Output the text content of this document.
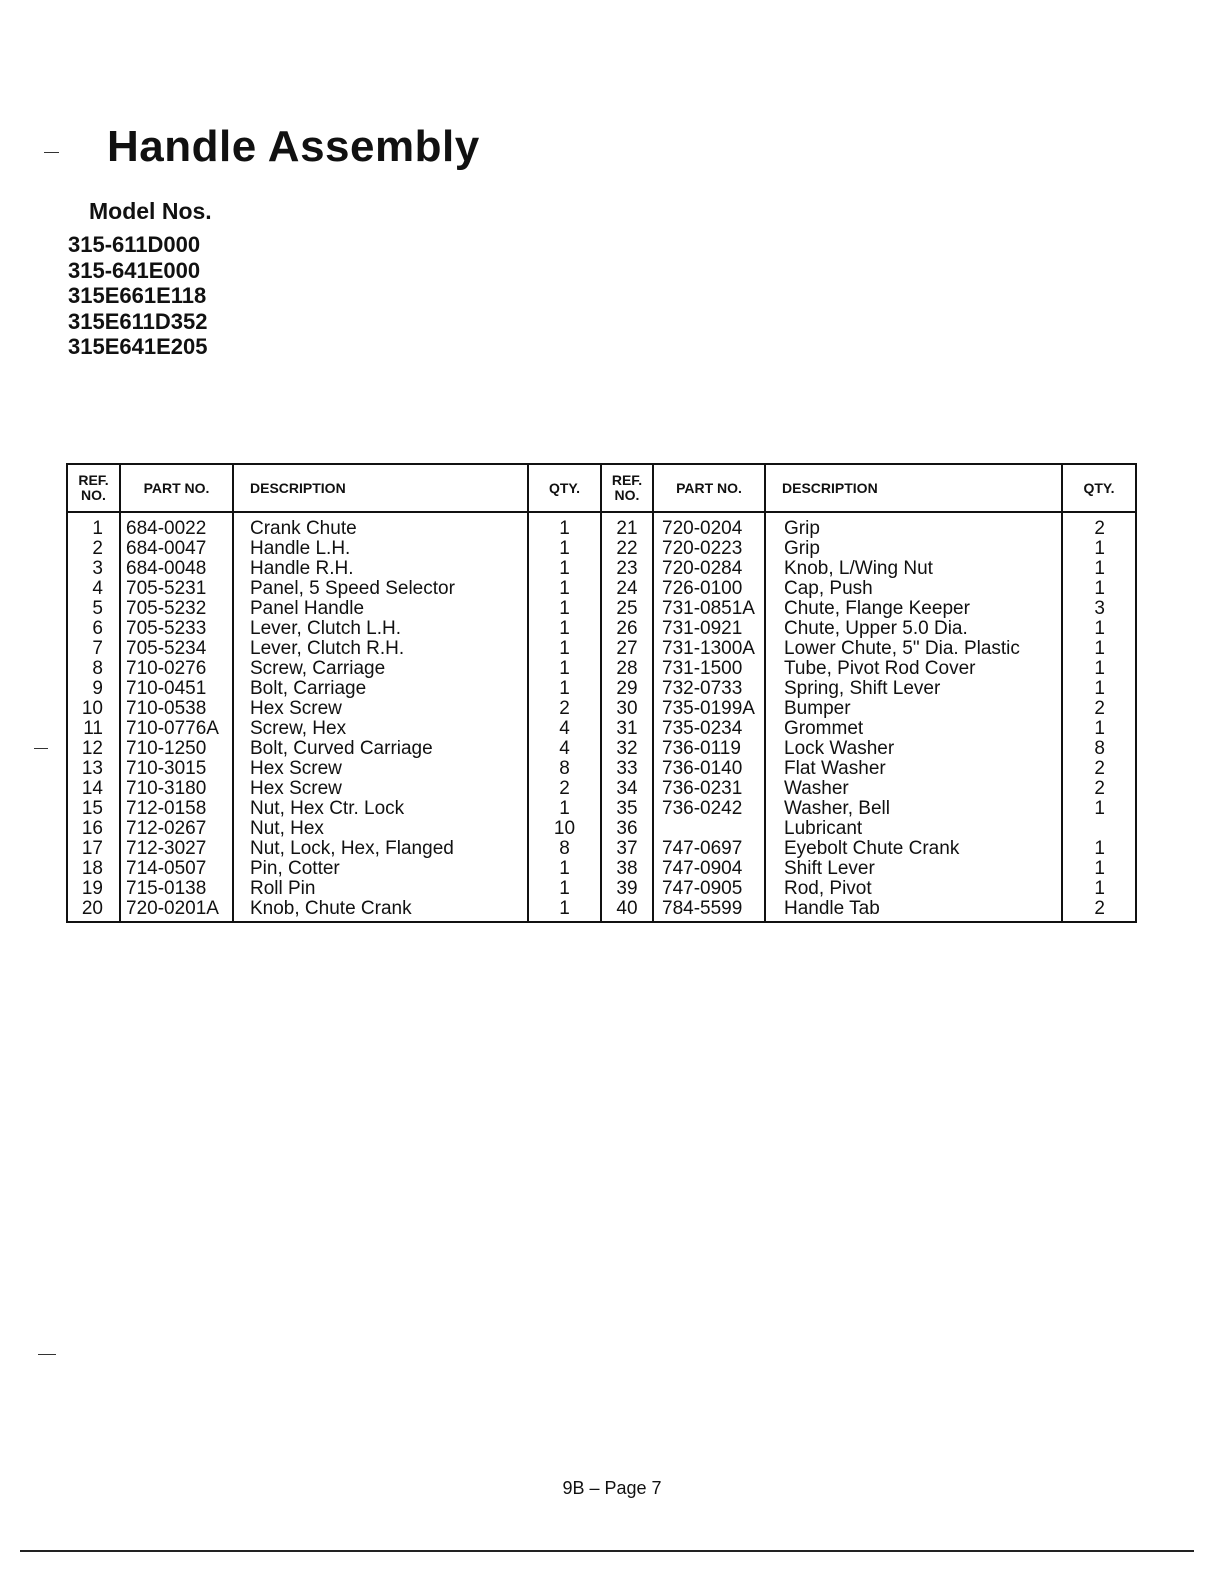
Handle Assembly
Model Nos.
315-611D000
315-641E000
315E661E118
315E611D352
315E641E205
REF. NO.	PART NO.	DESCRIPTION	QTY.	REF. NO.	PART NO.	DESCRIPTION	QTY.
1	684-0022	Crank Chute	1	21	720-0204	Grip	2
2	684-0047	Handle L.H.	1	22	720-0223	Grip	1
3	684-0048	Handle R.H.	1	23	720-0284	Knob, L/Wing Nut	1
4	705-5231	Panel, 5 Speed Selector	1	24	726-0100	Cap, Push	1
5	705-5232	Panel Handle	1	25	731-0851A	Chute, Flange Keeper	3
6	705-5233	Lever, Clutch L.H.	1	26	731-0921	Chute, Upper 5.0 Dia.	1
7	705-5234	Lever, Clutch R.H.	1	27	731-1300A	Lower Chute, 5" Dia. Plastic	1
8	710-0276	Screw, Carriage	1	28	731-1500	Tube, Pivot Rod Cover	1
9	710-0451	Bolt, Carriage	1	29	732-0733	Spring, Shift Lever	1
10	710-0538	Hex Screw	2	30	735-0199A	Bumper	2
11	710-0776A	Screw, Hex	4	31	735-0234	Grommet	1
12	710-1250	Bolt, Curved Carriage	4	32	736-0119	Lock Washer	8
13	710-3015	Hex Screw	8	33	736-0140	Flat Washer	2
14	710-3180	Hex Screw	2	34	736-0231	Washer	2
15	712-0158	Nut, Hex Ctr. Lock	1	35	736-0242	Washer, Bell	1
16	712-0267	Nut, Hex	10	36		Lubricant	
17	712-3027	Nut, Lock, Hex, Flanged	8	37	747-0697	Eyebolt Chute Crank	1
18	714-0507	Pin, Cotter	1	38	747-0904	Shift Lever	1
19	715-0138	Roll Pin	1	39	747-0905	Rod, Pivot	1
20	720-0201A	Knob, Chute Crank	1	40	784-5599	Handle Tab	2
9B – Page 7
